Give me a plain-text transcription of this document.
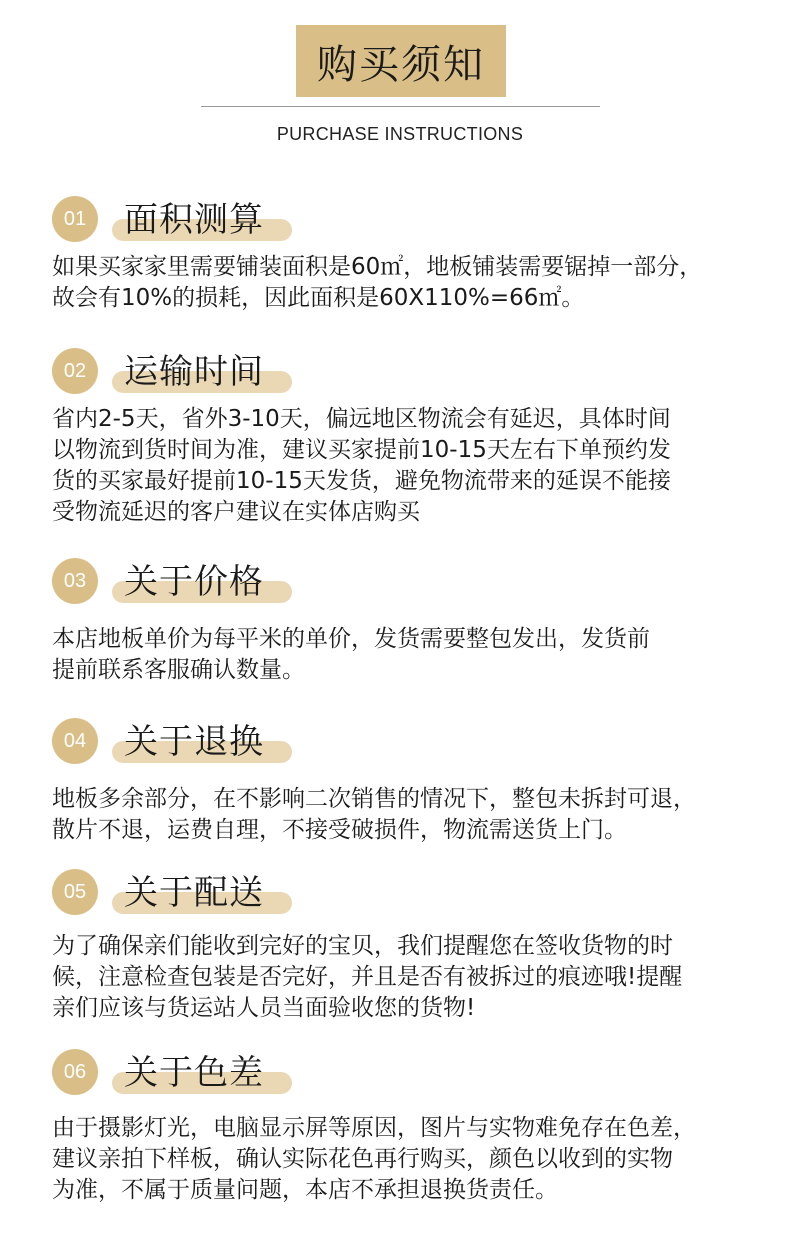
购买须知
PURCHASE INSTRUCTIONS
01	面积测算
如果买家家里需要铺装面积是60㎡，地板铺装需要锯掉一部分，
故会有10%的损耗，因此面积是60X110%=66㎡。
02	运输时间
省内2-5天，省外3-10天，偏远地区物流会有延迟，具体时间
以物流到货时间为准，建议买家提前10-15天左右下单预约发
货的买家最好提前10-15天发货，避免物流带来的延误不能接
受物流延迟的客户建议在实体店购买
03	关于价格
本店地板单价为每平米的单价，发货需要整包发出，发货前
提前联系客服确认数量。
04	关于退换
地板多余部分，在不影响二次销售的情况下，整包未拆封可退，
散片不退，运费自理，不接受破损件，物流需送货上门。
05	关于配送
为了确保亲们能收到完好的宝贝，我们提醒您在签收货物的时
候，注意检查包装是否完好，并且是否有被拆过的痕迹哦!提醒
亲们应该与货运站人员当面验收您的货物!
06	关于色差
由于摄影灯光，电脑显示屏等原因，图片与实物难免存在色差，
建议亲拍下样板，确认实际花色再行购买，颜色以收到的实物
为准，不属于质量问题，本店不承担退换货责任。
